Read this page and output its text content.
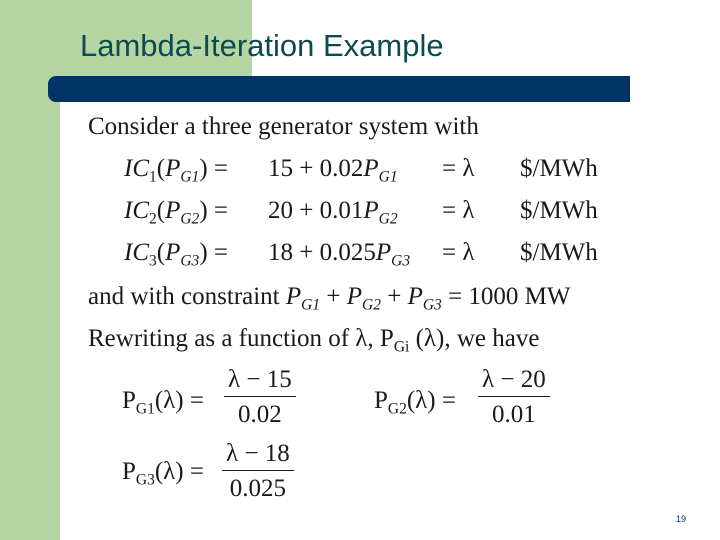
Lambda-Iteration Example
Consider a three generator system with
$IC_1(P_{G1}) = 15 + 0.02P_{G1} = \lambda$ $/MWh
$IC_2(P_{G2}) = 20 + 0.01P_{G2} = \lambda$ $/MWh
$IC_3(P_{G3}) = 18 + 0.025P_{G3} = \lambda$ $/MWh
and with constraint $P_{G1} + P_{G2} + P_{G3} = 1000$ MW
Rewriting as a function of λ, $P_{Gi}$ (λ), we have
$P_{G1}(\lambda) = \frac{\lambda - 15}{0.02}$	$P_{G2}(\lambda) = \frac{\lambda - 20}{0.01}$
$P_{G3}(\lambda) = \frac{\lambda - 18}{0.025}$
19
